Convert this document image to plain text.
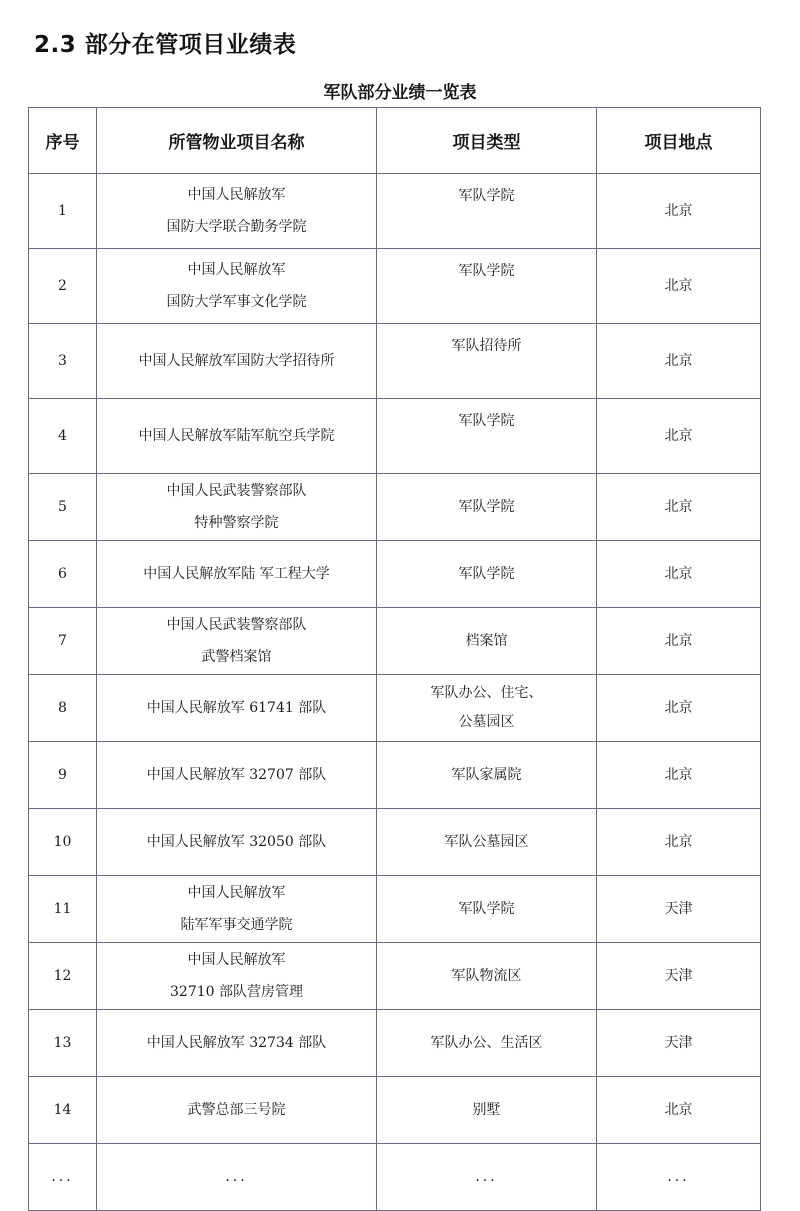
2.3 部分在管项目业绩表
军队部分业绩一览表
序号	所管物业项目名称	项目类型	项目地点
1	中国人民解放军
国防大学联合勤务学院	军队学院	北京
2	中国人民解放军
国防大学军事文化学院	军队学院	北京
3	中国人民解放军国防大学招待所	军队招待所	北京
4	中国人民解放军陆军航空兵学院	军队学院	北京
5	中国人民武装警察部队
特种警察学院	军队学院	北京
6	中国人民解放军陆 军工程大学	军队学院	北京
7	中国人民武装警察部队
武警档案馆	档案馆	北京
8	中国人民解放军 61741 部队	军队办公、住宅、
公墓园区	北京
9	中国人民解放军 32707 部队	军队家属院	北京
10	中国人民解放军 32050 部队	军队公墓园区	北京
11	中国人民解放军
陆军军事交通学院	军队学院	天津
12	中国人民解放军
32710 部队营房管理	军队物流区	天津
13	中国人民解放军 32734 部队	军队办公、生活区	天津
14	武警总部三号院	别墅	北京
...	...	...	...
